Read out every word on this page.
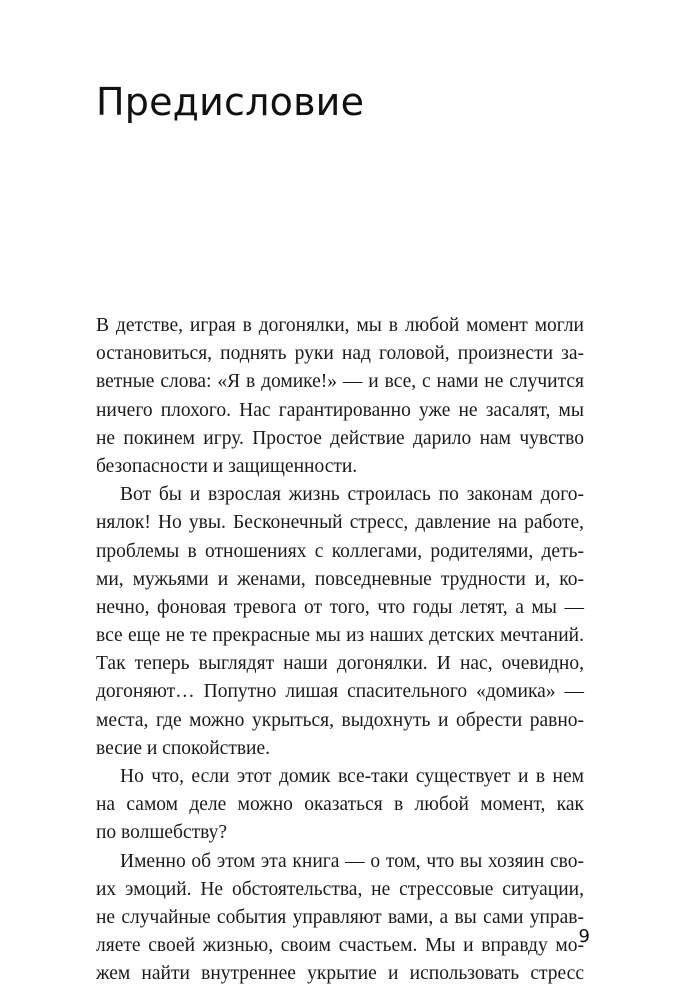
Предисловие
В детстве, играя в догонялки, мы в любой момент могли
остановиться, поднять руки над головой, произнести за-
ветные слова: «Я в домике!» — и все, с нами не случится
ничего плохого. Нас гарантированно уже не засалят, мы
не покинем игру. Простое действие дарило нам чувство
безопасности и защищенности.
Вот бы и взрослая жизнь строилась по законам дого-
нялок! Но увы. Бесконечный стресс, давление на работе,
проблемы в отношениях с коллегами, родителями, деть-
ми, мужьями и женами, повседневные трудности и, ко-
нечно, фоновая тревога от того, что годы летят, а мы —
все еще не те прекрасные мы из наших детских мечтаний.
Так теперь выглядят наши догонялки. И нас, очевидно,
догоняют… Попутно лишая спасительного «домика» —
места, где можно укрыться, выдохнуть и обрести равно-
весие и спокойствие.
Но что, если этот домик все-таки существует и в нем
на самом деле можно оказаться в любой момент, как
по волшебству?
Именно об этом эта книга — о том, что вы хозяин сво-
их эмоций. Не обстоятельства, не стрессовые ситуации,
не случайные события управляют вами, а вы сами управ-
ляете своей жизнью, своим счастьем. Мы и вправду мо-
жем найти внутреннее укрытие и использовать стресс
9
